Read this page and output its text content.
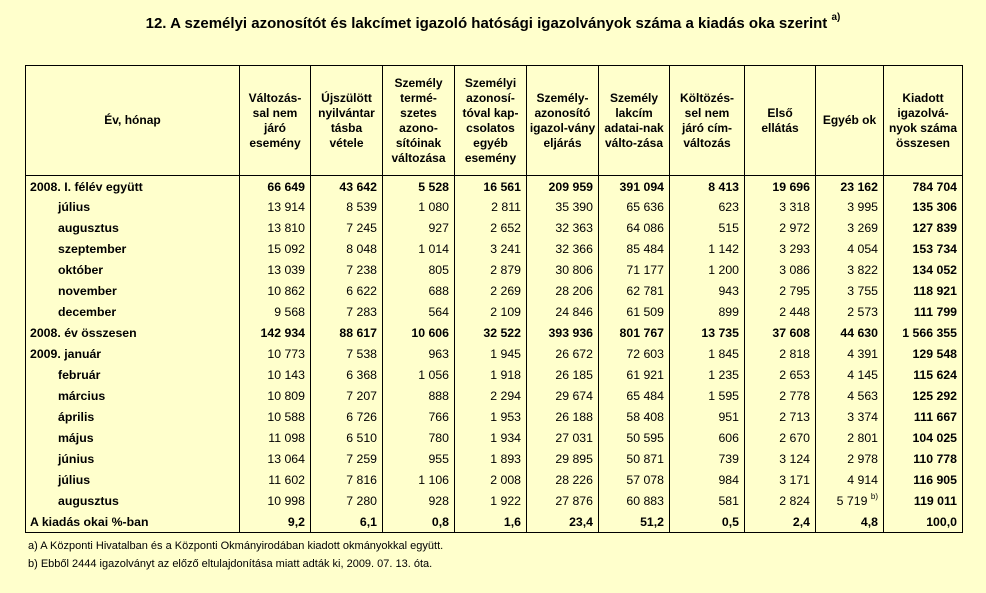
12. A személyi azonosítót és lakcímet igazoló hatósági igazolványok száma a kiadás oka szerint $^{a)}$
Év, hónap	Változás-sal nem járó esemény	Újszülött nyilvántar tásba vétele	Személy termé-szetes azono-sítóinak változása	Személyi azonosí-tóval kap-csolatos egyéb esemény	Személy-azonosító igazol-vány eljárás	Személy lakcím adatai-nak válto-zása	Költözés-sel nem járó cím-változás	Első ellátás	Egyéb ok	Kiadott igazolvá-nyok száma összesen
2008. I. félév együtt	66 649	43 642	5 528	16 561	209 959	391 094	8 413	19 696	23 162	784 704
július	13 914	8 539	1 080	2 811	35 390	65 636	623	3 318	3 995	135 306
augusztus	13 810	7 245	927	2 652	32 363	64 086	515	2 972	3 269	127 839
szeptember	15 092	8 048	1 014	3 241	32 366	85 484	1 142	3 293	4 054	153 734
október	13 039	7 238	805	2 879	30 806	71 177	1 200	3 086	3 822	134 052
november	10 862	6 622	688	2 269	28 206	62 781	943	2 795	3 755	118 921
december	9 568	7 283	564	2 109	24 846	61 509	899	2 448	2 573	111 799
2008. év összesen	142 934	88 617	10 606	32 522	393 936	801 767	13 735	37 608	44 630	1 566 355
2009. január	10 773	7 538	963	1 945	26 672	72 603	1 845	2 818	4 391	129 548
február	10 143	6 368	1 056	1 918	26 185	61 921	1 235	2 653	4 145	115 624
március	10 809	7 207	888	2 294	29 674	65 484	1 595	2 778	4 563	125 292
április	10 588	6 726	766	1 953	26 188	58 408	951	2 713	3 374	111 667
május	11 098	6 510	780	1 934	27 031	50 595	606	2 670	2 801	104 025
június	13 064	7 259	955	1 893	29 895	50 871	739	3 124	2 978	110 778
július	11 602	7 816	1 106	2 008	28 226	57 078	984	3 171	4 914	116 905
augusztus	10 998	7 280	928	1 922	27 876	60 883	581	2 824	5 719 $^{b)}$	119 011
A kiadás okai %-ban	9,2	6,1	0,8	1,6	23,4	51,2	0,5	2,4	4,8	100,0
a) A Központi Hivatalban és a Központi Okmányirodában kiadott okmányokkal együtt.
b) Ebből 2444 igazolványt az előző eltulajdonítása miatt adták ki, 2009. 07. 13. óta.
